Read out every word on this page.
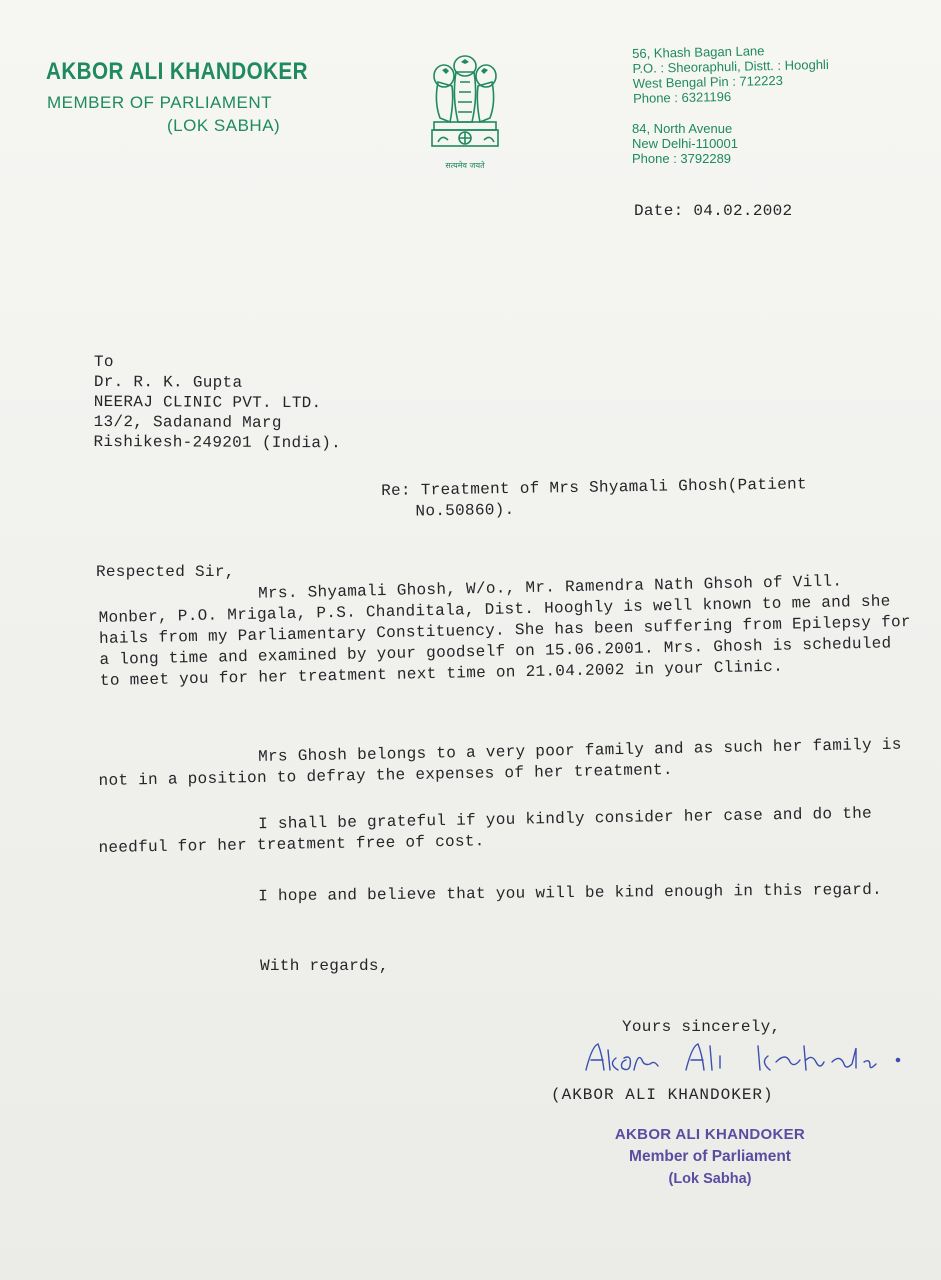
AKBOR ALI KHANDOKER
MEMBER OF PARLIAMENT
(LOK SABHA)
सत्यमेव जयते
56, Khash Bagan Lane
P.O. : Sheoraphuli, Distt. : Hooghli
West Bengal Pin : 712223
Phone : 6321196
84, North Avenue
New Delhi-110001
Phone : 3792289
Date: 04.02.2002
To
Dr. R. K. Gupta
NEERAJ CLINIC PVT. LTD.
13/2, Sadanand Marg
Rishikesh-249201 (India).
Re: Treatment of Mrs Shyamali Ghosh(Patient
No.50860).
Respected Sir,
Mrs. Shyamali Ghosh, W/o., Mr. Ramendra Nath Ghsoh of Vill. Monber, P.O. Mrigala, P.S. Chanditala, Dist. Hooghly is well known to me and she hails from my Parliamentary Constituency. She has been suffering from Epilepsy for a long time and examined by your goodself on 15.06.2001. Mrs. Ghosh is scheduled to meet you for her treatment next time on 21.04.2002 in your Clinic.
Mrs Ghosh belongs to a very poor family and as such her family is not in a position to defray the expenses of her treatment.
I shall be grateful if you kindly consider her case and do the needful for her treatment free of cost.
I hope and believe that you will be kind enough in this regard.
With regards,
Yours sincerely,
(AKBOR ALI KHANDOKER)
AKBOR ALI KHANDOKER
Member of Parliament
(Lok Sabha)
